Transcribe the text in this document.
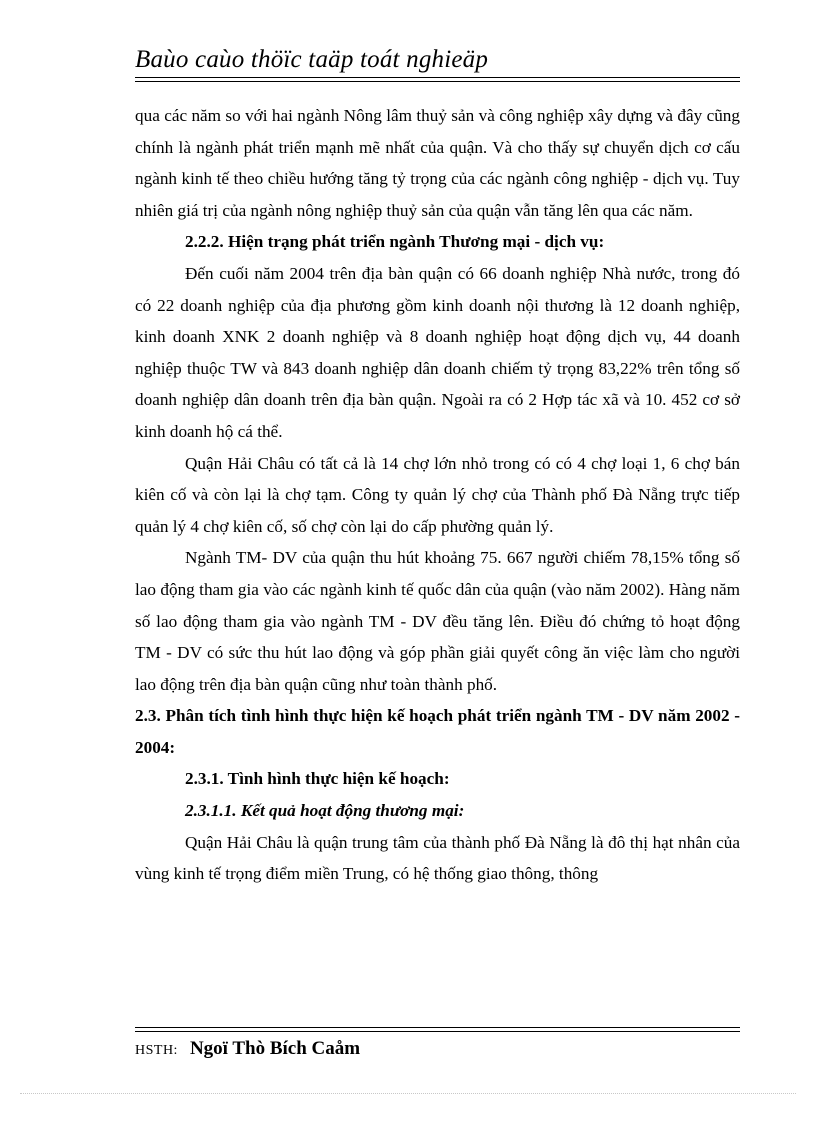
Baùo caùo thöïc taäp toát nghieäp

qua các năm so với hai ngành Nông lâm thuỷ sản và công nghiệp xây dựng và đây cũng chính là ngành phát triển mạnh mẽ nhất của quận. Và cho thấy sự chuyển dịch cơ cấu ngành kinh tế theo chiều hướng tăng tỷ trọng của các ngành công nghiệp - dịch vụ. Tuy nhiên giá trị của ngành nông nghiệp thuỷ sản của quận vẫn tăng lên qua các năm.

2.2.2. Hiện trạng phát triển ngành Thương mại - dịch vụ:

Đến cuối năm 2004 trên địa bàn quận có 66 doanh nghiệp Nhà nước, trong đó có 22 doanh nghiệp của địa phương gồm kinh doanh nội thương là 12 doanh nghiệp, kinh doanh XNK 2 doanh nghiệp và 8 doanh nghiệp hoạt động dịch vụ, 44 doanh nghiệp thuộc TW và 843 doanh nghiệp dân doanh chiếm tỷ trọng 83,22% trên tổng số doanh nghiệp dân doanh trên địa bàn quận. Ngoài ra có 2 Hợp tác xã và 10. 452 cơ sở kinh doanh hộ cá thể.

Quận Hải Châu có tất cả là 14 chợ lớn nhỏ trong có có 4 chợ loại 1, 6 chợ bán kiên cố và còn lại là chợ tạm. Công ty quản lý chợ của Thành phố Đà Nẵng trực tiếp quản lý 4 chợ kiên cố, số chợ còn lại do cấp phường quản lý.

Ngành TM- DV của quận thu hút khoảng 75. 667 người chiếm 78,15% tổng số lao động tham gia vào các ngành kinh tế quốc dân của quận (vào năm 2002). Hàng năm số lao động tham gia vào ngành TM - DV đều tăng lên. Điều đó chứng tỏ hoạt động TM - DV có sức thu hút lao động và góp phần giải quyết công ăn việc làm cho người lao động trên địa bàn quận cũng như toàn thành phố.

2.3. Phân tích tình hình thực hiện kế hoạch phát triển ngành TM - DV năm 2002 - 2004:

2.3.1. Tình hình thực hiện kế hoạch:

2.3.1.1. Kết quả hoạt động thương mại:

Quận Hải Châu là quận trung tâm của thành phố Đà Nẵng là đô thị hạt nhân của vùng kinh tế trọng điểm miền Trung, có hệ thống giao thông, thông

HSTH: Ngoï Thò Bích Caåm
